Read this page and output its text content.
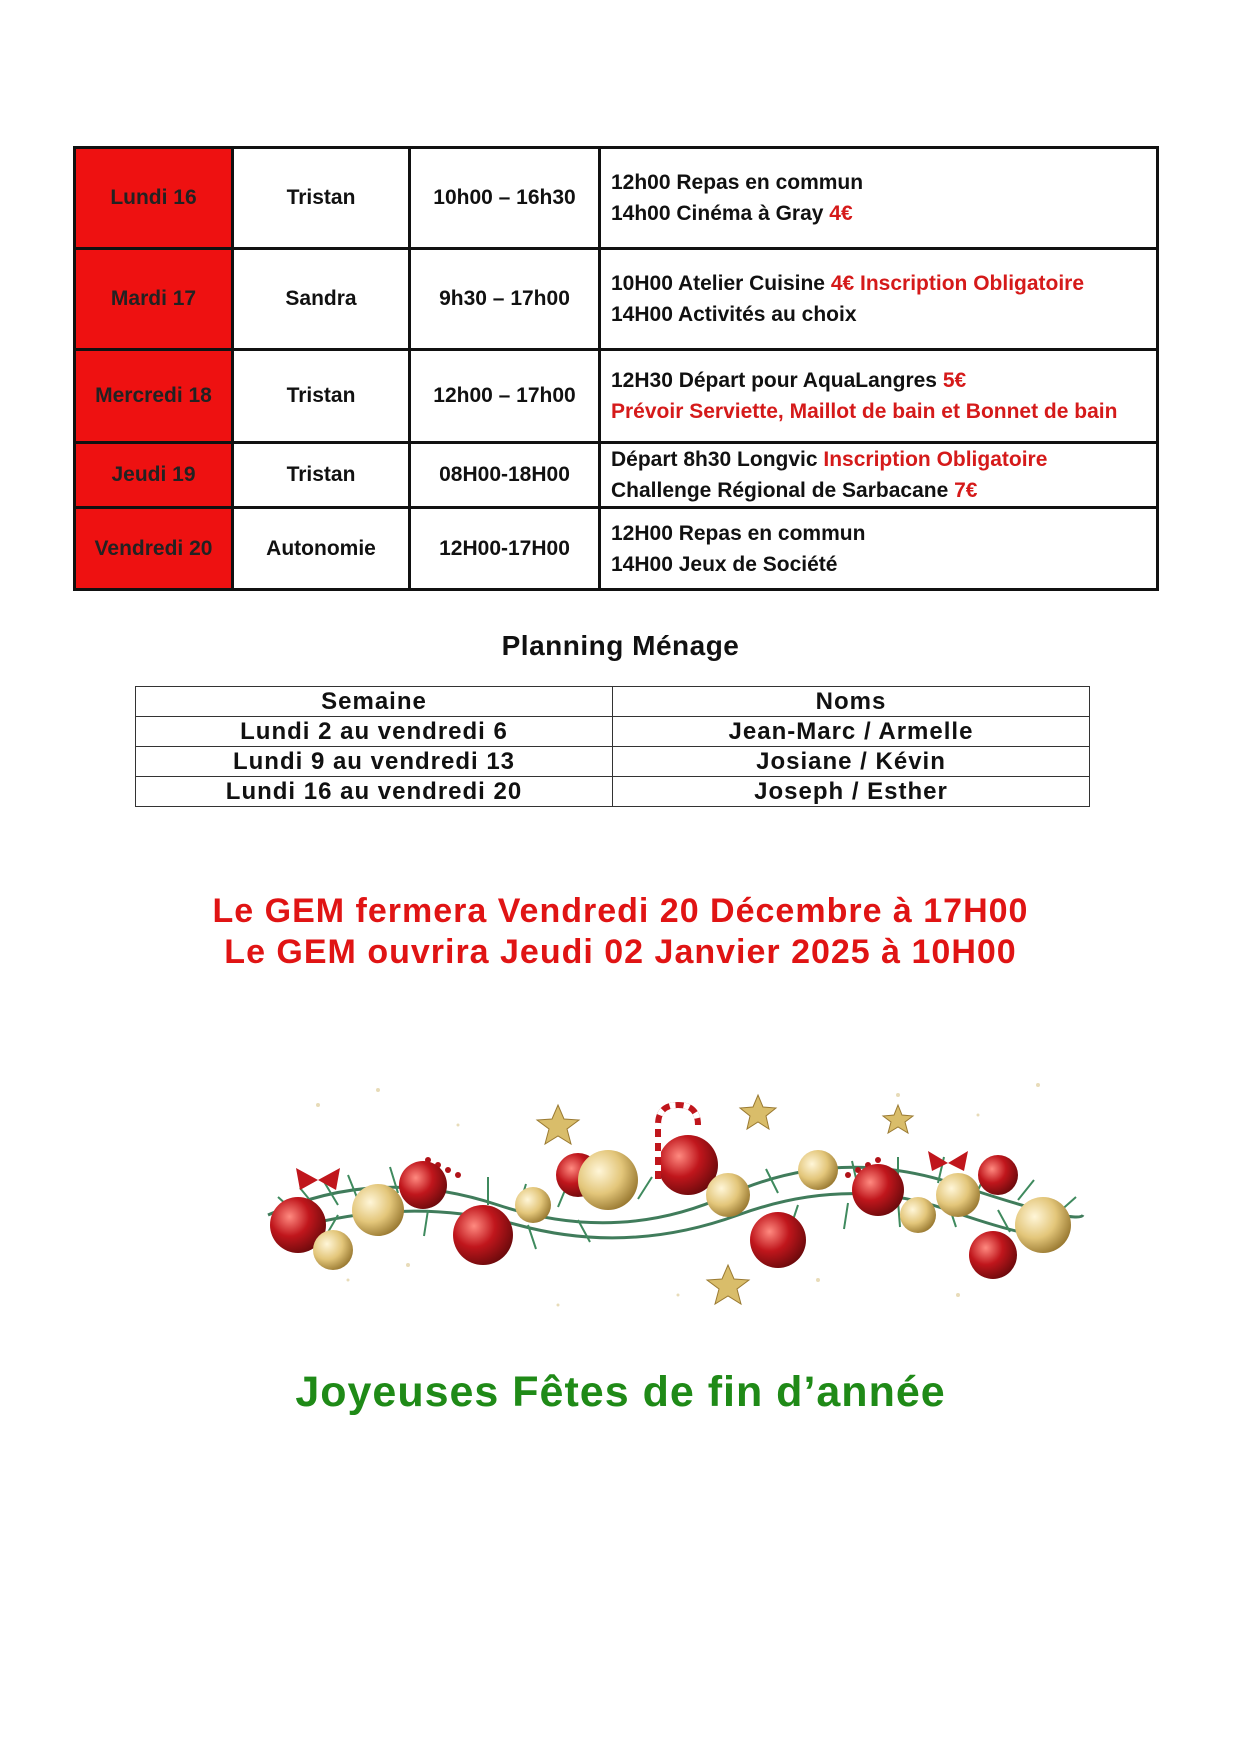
Lundi 16	Tristan	10h00 – 16h30	12h00 Repas en commun
14h00 Cinéma à Gray 4€

Mardi 17	Sandra	9h30 – 17h00	10H00 Atelier Cuisine 4€ Inscription Obligatoire
14H00 Activités au choix

Mercredi 18	Tristan	12h00 – 17h00	12H30 Départ pour AquaLangres 5€
Prévoir Serviette, Maillot de bain et Bonnet de bain

Jeudi 19	Tristan	08H00-18H00	Départ 8h30 Longvic Inscription Obligatoire
Challenge Régional de Sarbacane 7€

Vendredi 20	Autonomie	12H00-17H00	12H00 Repas en commun
14H00 Jeux de Société
Planning Ménage
Semaine	Noms
Lundi 2 au vendredi 6	Jean-Marc / Armelle
Lundi 9 au vendredi 13	Josiane / Kévin
Lundi 16 au vendredi 20	Joseph / Esther
Le GEM fermera Vendredi 20 Décembre à 17H00
Le GEM ouvrira Jeudi 02 Janvier 2025 à 10H00
Joyeuses Fêtes de fin d’année
